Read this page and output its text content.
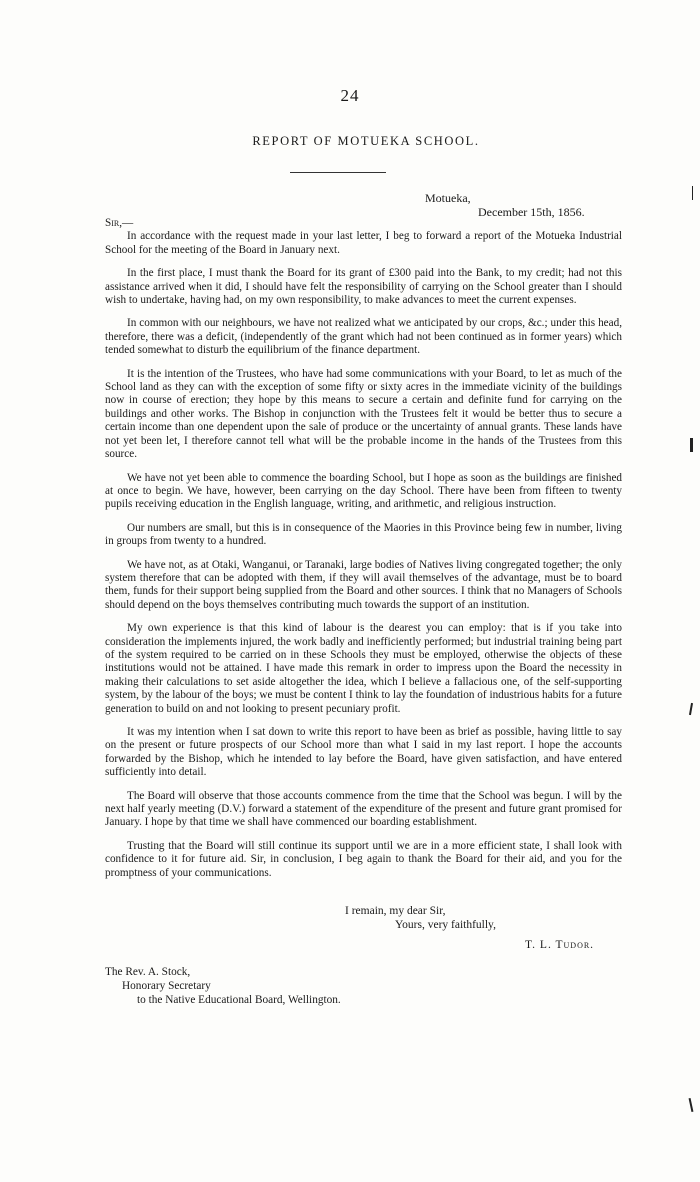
24
REPORT OF MOTUEKA SCHOOL.
Motueka,
December 15th, 1856.
Sir,—

In accordance with the request made in your last letter, I beg to forward a report of the Motueka Industrial School for the meeting of the Board in January next.

In the first place, I must thank the Board for its grant of £300 paid into the Bank, to my credit; had not this assistance arrived when it did, I should have felt the responsibility of carrying on the School greater than I should wish to undertake, having had, on my own responsibility, to make advances to meet the current expenses.

In common with our neighbours, we have not realized what we anticipated by our crops, &c.; under this head, therefore, there was a deficit, (independently of the grant which had not been continued as in former years) which tended somewhat to disturb the equilibrium of the finance department.

It is the intention of the Trustees, who have had some communications with your Board, to let as much of the School land as they can with the exception of some fifty or sixty acres in the immediate vicinity of the buildings now in course of erection; they hope by this means to secure a certain and definite fund for carrying on the buildings and other works. The Bishop in conjunction with the Trustees felt it would be better thus to secure a certain income than one dependent upon the sale of produce or the uncertainty of annual grants. These lands have not yet been let, I therefore cannot tell what will be the probable income in the hands of the Trustees from this source.

We have not yet been able to commence the boarding School, but I hope as soon as the buildings are finished at once to begin. We have, however, been carrying on the day School. There have been from fifteen to twenty pupils receiving education in the English language, writing, and arithmetic, and religious instruction.

Our numbers are small, but this is in consequence of the Maories in this Province being few in number, living in groups from twenty to a hundred.

We have not, as at Otaki, Wanganui, or Taranaki, large bodies of Natives living congregated together; the only system therefore that can be adopted with them, if they will avail themselves of the advantage, must be to board them, funds for their support being supplied from the Board and other sources. I think that no Managers of Schools should depend on the boys themselves contributing much towards the support of an institution.

My own experience is that this kind of labour is the dearest you can employ: that is if you take into consideration the implements injured, the work badly and inefficiently performed; but industrial training being part of the system required to be carried on in these Schools they must be employed, otherwise the objects of these institutions would not be attained. I have made this remark in order to impress upon the Board the necessity in making their calculations to set aside altogether the idea, which I believe a fallacious one, of the self-supporting system, by the labour of the boys; we must be content I think to lay the foundation of industrious habits for a future generation to build on and not looking to present pecuniary profit.

It was my intention when I sat down to write this report to have been as brief as possible, having little to say on the present or future prospects of our School more than what I said in my last report. I hope the accounts forwarded by the Bishop, which he intended to lay before the Board, have given satisfaction, and have entered sufficiently into detail.

The Board will observe that those accounts commence from the time that the School was begun. I will by the next half yearly meeting (D.V.) forward a statement of the expenditure of the present and future grant promised for January. I hope by that time we shall have commenced our boarding establishment.

Trusting that the Board will still continue its support until we are in a more efficient state, I shall look with confidence to it for future aid. Sir, in conclusion, I beg again to thank the Board for their aid, and you for the promptness of your communications.

I remain, my dear Sir,
Yours, very faithfully,
T. L. Tudor.
The Rev. A. St⁠ock,
Honorary Secretary
to the Native Educational Board, Wellington.
